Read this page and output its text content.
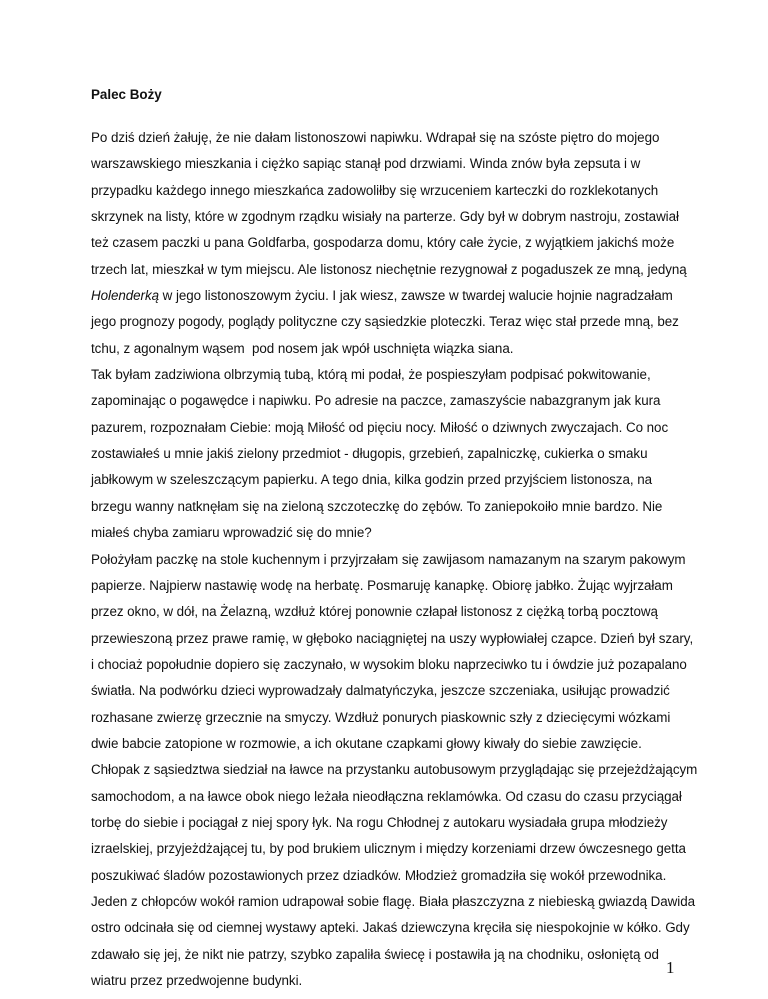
Palec Boży
Po dziś dzień żałuję, że nie dałam listonoszowi napiwku. Wdrapał się na szóste piętro do mojego
warszawskiego mieszkania i ciężko sapiąc stanął pod drzwiami. Winda znów była zepsuta i w
przypadku każdego innego mieszkańca zadowoliłby się wrzuceniem karteczki do rozklekotanych
skrzynek na listy, które w zgodnym rządku wisiały na parterze. Gdy był w dobrym nastroju, zostawiał
też czasem paczki u pana Goldfarba, gospodarza domu, który całe życie, z wyjątkiem jakichś może
trzech lat, mieszkał w tym miejscu. Ale listonosz niechętnie rezygnował z pogaduszek ze mną, jedyną
Holenderką w jego listonoszowym życiu. I jak wiesz, zawsze w twardej walucie hojnie nagradzałam
jego prognozy pogody, poglądy polityczne czy sąsiedzkie ploteczki. Teraz więc stał przede mną, bez
tchu, z agonalnym wąsem  pod nosem jak wpół uschnięta wiązka siana.
Tak byłam zadziwiona olbrzymią tubą, którą mi podał, że pospieszyłam podpisać pokwitowanie,
zapominając o pogawędce i napiwku. Po adresie na paczce, zamaszyście nabazgranym jak kura
pazurem, rozpoznałam Ciebie: moją Miłość od pięciu nocy. Miłość o dziwnych zwyczajach. Co noc
zostawiałeś u mnie jakiś zielony przedmiot - długopis, grzebień, zapalniczkę, cukierka o smaku
jabłkowym w szeleszczącym papierku. A tego dnia, kilka godzin przed przyjściem listonosza, na
brzegu wanny natknęłam się na zieloną szczoteczkę do zębów. To zaniepokoiło mnie bardzo. Nie
miałeś chyba zamiaru wprowadzić się do mnie?
Położyłam paczkę na stole kuchennym i przyjrzałam się zawijasom namazanym na szarym pakowym
papierze. Najpierw nastawię wodę na herbatę. Posmaruję kanapkę. Obiorę jabłko. Żując wyjrzałam
przez okno, w dół, na Żelazną, wzdłuż której ponownie człapał listonosz z ciężką torbą pocztową
przewieszoną przez prawe ramię, w głęboko naciągniętej na uszy wypłowiałej czapce. Dzień był szary,
i chociaż popołudnie dopiero się zaczynało, w wysokim bloku naprzeciwko tu i ówdzie już pozapalano
światła. Na podwórku dzieci wyprowadzały dalmatyńczyka, jeszcze szczeniaka, usiłując prowadzić
rozhasane zwierzę grzecznie na smyczy. Wzdłuż ponurych piaskownic szły z dziecięcymi wózkami
dwie babcie zatopione w rozmowie, a ich okutane czapkami głowy kiwały do siebie zawzięcie.
Chłopak z sąsiedztwa siedział na ławce na przystanku autobusowym przyglądając się przejeżdżającym
samochodom, a na ławce obok niego leżała nieodłączna reklamówka. Od czasu do czasu przyciągał
torbę do siebie i pociągał z niej spory łyk. Na rogu Chłodnej z autokaru wysiadała grupa młodzieży
izraelskiej, przyjeżdżającej tu, by pod brukiem ulicznym i między korzeniami drzew ówczesnego getta
poszukiwać śladów pozostawionych przez dziadków. Młodzież gromadziła się wokół przewodnika.
Jeden z chłopców wokół ramion udrapował sobie flagę. Biała płaszczyzna z niebieską gwiazdą Dawida
ostro odcinała się od ciemnej wystawy apteki. Jakaś dziewczyna kręciła się niespokojnie w kółko. Gdy
zdawało się jej, że nikt nie patrzy, szybko zapaliła świecę i postawiła ją na chodniku, osłoniętą od
wiatru przez przedwojenne budynki.
1
